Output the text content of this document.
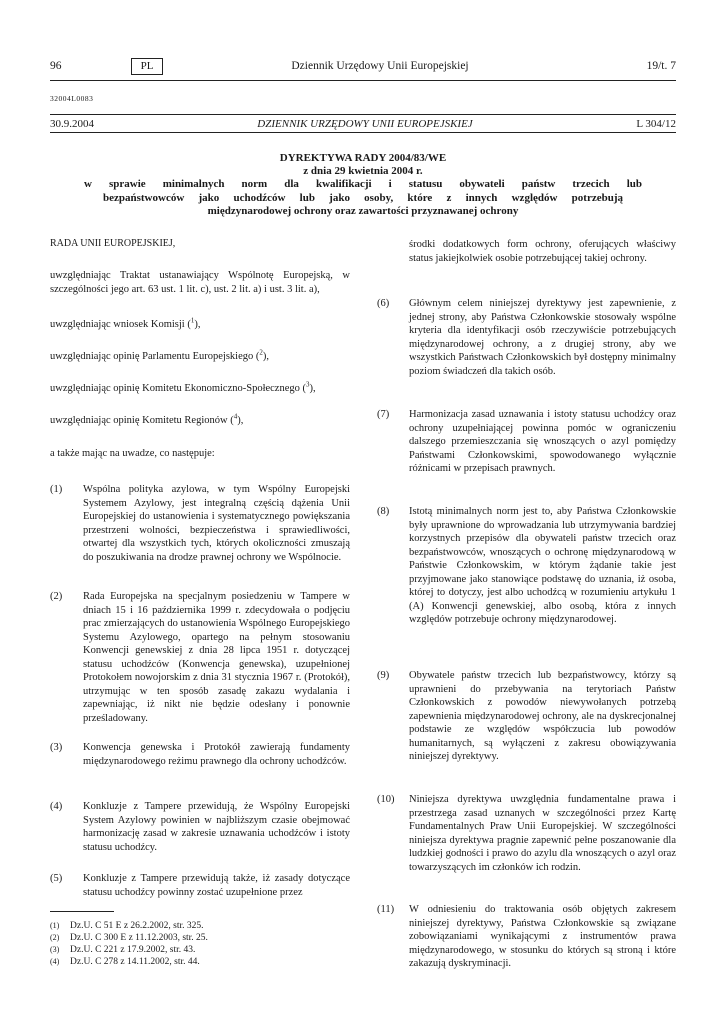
96	PL	Dziennik Urzędowy Unii Europejskiej	19/t. 7
32004L0083
30.9.2004	DZIENNIK URZĘDOWY UNII EUROPEJSKIEJ	L 304/12
DYREKTYWA RADY 2004/83/WE
z dnia 29 kwietnia 2004 r.
w sprawie minimalnych norm dla kwalifikacji i statusu obywateli państw trzecich lub
bezpaństwowców jako uchodźców lub jako osoby, które z innych względów potrzebują
międzynarodowej ochrony oraz zawartości przyznawanej ochrony

RADA UNII EUROPEJSKIEJ,

uwzględniając Traktat ustanawiający Wspólnotę Europejską, w szczególności jego art. 63 ust. 1 lit. c), ust. 2 lit. a) i ust. 3 lit. a),

uwzględniając wniosek Komisji ($^1$),

uwzględniając opinię Parlamentu Europejskiego ($^2$),

uwzględniając opinię Komitetu Ekonomiczno-Społecznego ($^3$),

uwzględniając opinię Komitetu Regionów ($^4$),

a także mając na uwadze, co następuje:

(1) Wspólna polityka azylowa, w tym Wspólny Europejski Systemem Azylowy, jest integralną częścią dążenia Unii Europejskiej do ustanowienia i systematycznego powiększania przestrzeni wolności, bezpieczeństwa i sprawiedliwości, otwartej dla wszystkich tych, których okoliczności zmuszają do poszukiwania na drodze prawnej ochrony we Wspólnocie.
(2) Rada Europejska na specjalnym posiedzeniu w Tampere w dniach 15 i 16 października 1999 r. zdecydowała o podjęciu prac zmierzających do ustanowienia Wspólnego Europejskiego Systemu Azylowego, opartego na pełnym stosowaniu Konwencji genewskiej z dnia 28 lipca 1951 r. dotyczącej statusu uchodźców (Konwencja genewska), uzupełnionej Protokołem nowojorskim z dnia 31 stycznia 1967 r. (Protokół), utrzymując w ten sposób zasadę zakazu wydalania i zapewniając, iż nikt nie będzie odesłany i ponownie prześladowany.
(3) Konwencja genewska i Protokół zawierają fundamenty międzynarodowego reżimu prawnego dla ochrony uchodźców.
(4) Konkluzje z Tampere przewidują, że Wspólny Europejski System Azylowy powinien w najbliższym czasie obejmować harmonizację zasad w zakresie uznawania uchodźców i istoty statusu uchodźcy.
(5) Konkluzje z Tampere przewidują także, iż zasady dotyczące statusu uchodźcy powinny zostać uzupełnione przez
(1) Dz.U. C 51 E z 26.2.2002, str. 325.
(2) Dz.U. C 300 E z 11.12.2003, str. 25.
(3) Dz.U. C 221 z 17.9.2002, str. 43.
(4) Dz.U. C 278 z 14.11.2002, str. 44.
środki dodatkowych form ochrony, oferujących właściwy status jakiejkolwiek osobie potrzebującej takiej ochrony.
(6) Głównym celem niniejszej dyrektywy jest zapewnienie, z jednej strony, aby Państwa Członkowskie stosowały wspólne kryteria dla identyfikacji osób rzeczywiście potrzebujących międzynarodowej ochrony, a z drugiej strony, aby we wszystkich Państwach Członkowskich był dostępny minimalny poziom świadczeń dla takich osób.
(7) Harmonizacja zasad uznawania i istoty statusu uchodźcy oraz ochrony uzupełniającej powinna pomóc w ograniczeniu dalszego przemieszczania się wnoszących o azyl pomiędzy Państwami Członkowskimi, spowodowanego wyłącznie różnicami w przepisach prawnych.
(8) Istotą minimalnych norm jest to, aby Państwa Członkowskie były uprawnione do wprowadzania lub utrzymywania bardziej korzystnych przepisów dla obywateli państw trzecich oraz bezpaństwowców, wnoszących o ochronę międzynarodową w Państwie Członkowskim, w którym żądanie takie jest przyjmowane jako stanowiące podstawę do uznania, iż osoba, której to dotyczy, jest albo uchodźcą w rozumieniu artykułu 1 (A) Konwencji genewskiej, albo osobą, która z innych względów potrzebuje ochrony międzynarodowej.
(9) Obywatele państw trzecich lub bezpaństwowcy, którzy są uprawnieni do przebywania na terytoriach Państw Członkowskich z powodów niewywołanych potrzebą zapewnienia międzynarodowej ochrony, ale na dyskrecjonalnej podstawie ze względów współczucia lub powodów humanitarnych, są wyłączeni z zakresu obowiązywania niniejszej dyrektywy.
(10) Niniejsza dyrektywa uwzględnia fundamentalne prawa i przestrzega zasad uznanych w szczególności przez Kartę Fundamentalnych Praw Unii Europejskiej. W szczególności niniejsza dyrektywa pragnie zapewnić pełne poszanowanie dla ludzkiej godności i prawo do azylu dla wnoszących o azyl oraz towarzyszących im członków ich rodzin.
(11) W odniesieniu do traktowania osób objętych zakresem niniejszej dyrektywy, Państwa Członkowskie są związane zobowiązaniami wynikającymi z instrumentów prawa międzynarodowego, w stosunku do których są stroną i które zakazują dyskryminacji.
